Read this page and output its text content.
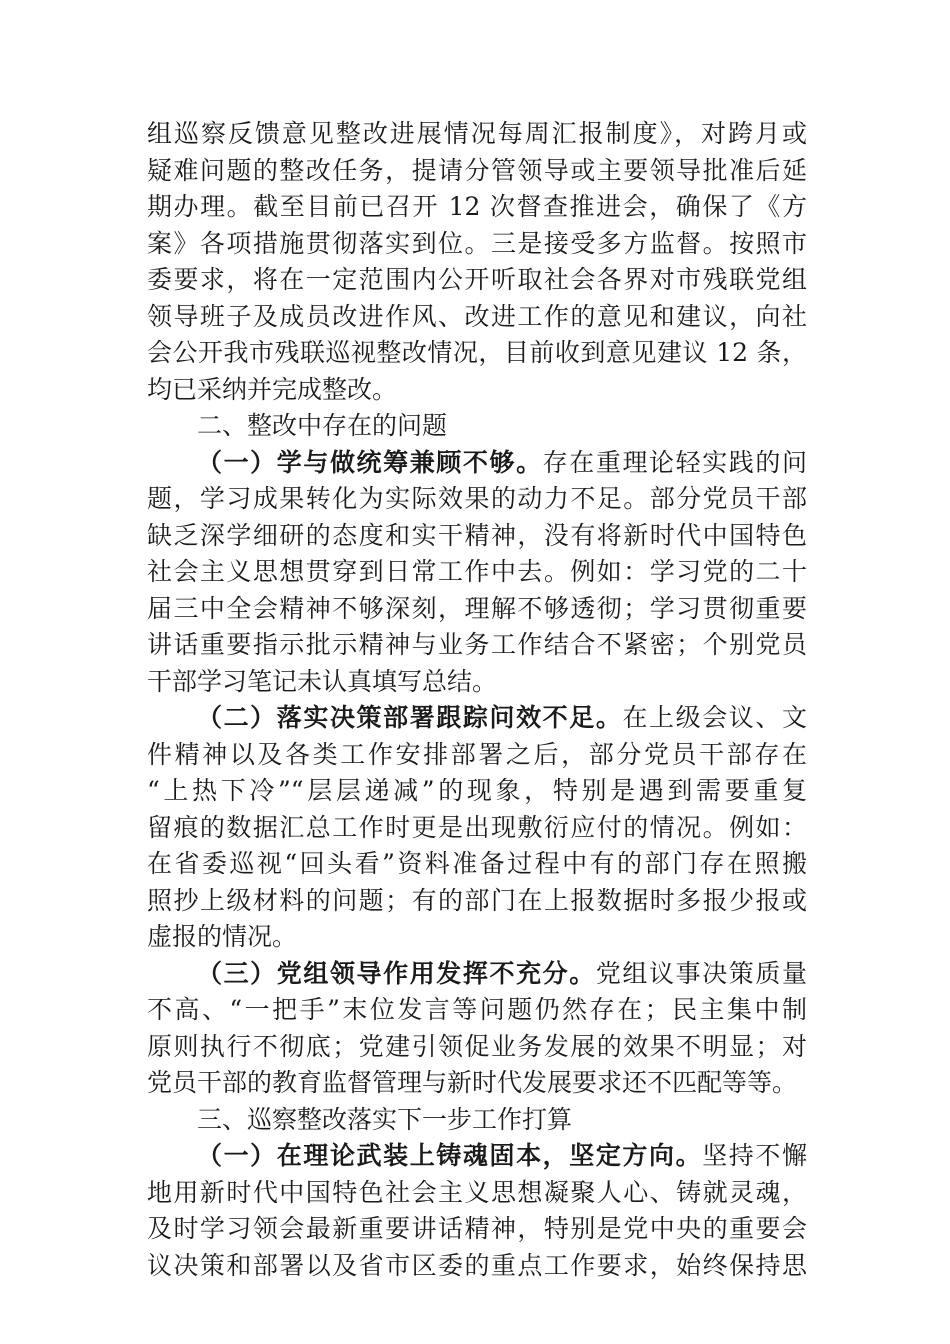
组巡察反馈意见整改进展情况每周汇报制度》，对跨月或
疑难问题的整改任务，提请分管领导或主要领导批准后延
期办理。截至目前已召开 12 次督查推进会，确保了《方
案》各项措施贯彻落实到位。三是接受多方监督。按照市
委要求，将在一定范围内公开听取社会各界对市残联党组
领导班子及成员改进作风、改进工作的意见和建议，向社
会公开我市残联巡视整改情况，目前收到意见建议 12 条，
均已采纳并完成整改。
二、整改中存在的问题
（一）学与做统筹兼顾不够。存在重理论轻实践的问
题，学习成果转化为实际效果的动力不足。部分党员干部
缺乏深学细研的态度和实干精神，没有将新时代中国特色
社会主义思想贯穿到日常工作中去。例如：学习党的二十
届三中全会精神不够深刻，理解不够透彻；学习贯彻重要
讲话重要指示批示精神与业务工作结合不紧密；个别党员
干部学习笔记未认真填写总结。
（二）落实决策部署跟踪问效不足。在上级会议、文
件精神以及各类工作安排部署之后，部分党员干部存在
“上热下冷”“层层递减”的现象，特别是遇到需要重复
留痕的数据汇总工作时更是出现敷衍应付的情况。例如：
在省委巡视“回头看”资料准备过程中有的部门存在照搬
照抄上级材料的问题；有的部门在上报数据时多报少报或
虚报的情况。
（三）党组领导作用发挥不充分。党组议事决策质量
不高、“一把手”末位发言等问题仍然存在；民主集中制
原则执行不彻底；党建引领促业务发展的效果不明显；对
党员干部的教育监督管理与新时代发展要求还不匹配等等。
三、巡察整改落实下一步工作打算
（一）在理论武装上铸魂固本，坚定方向。坚持不懈
地用新时代中国特色社会主义思想凝聚人心、铸就灵魂，
及时学习领会最新重要讲话精神，特别是党中央的重要会
议决策和部署以及省市区委的重点工作要求，始终保持思
